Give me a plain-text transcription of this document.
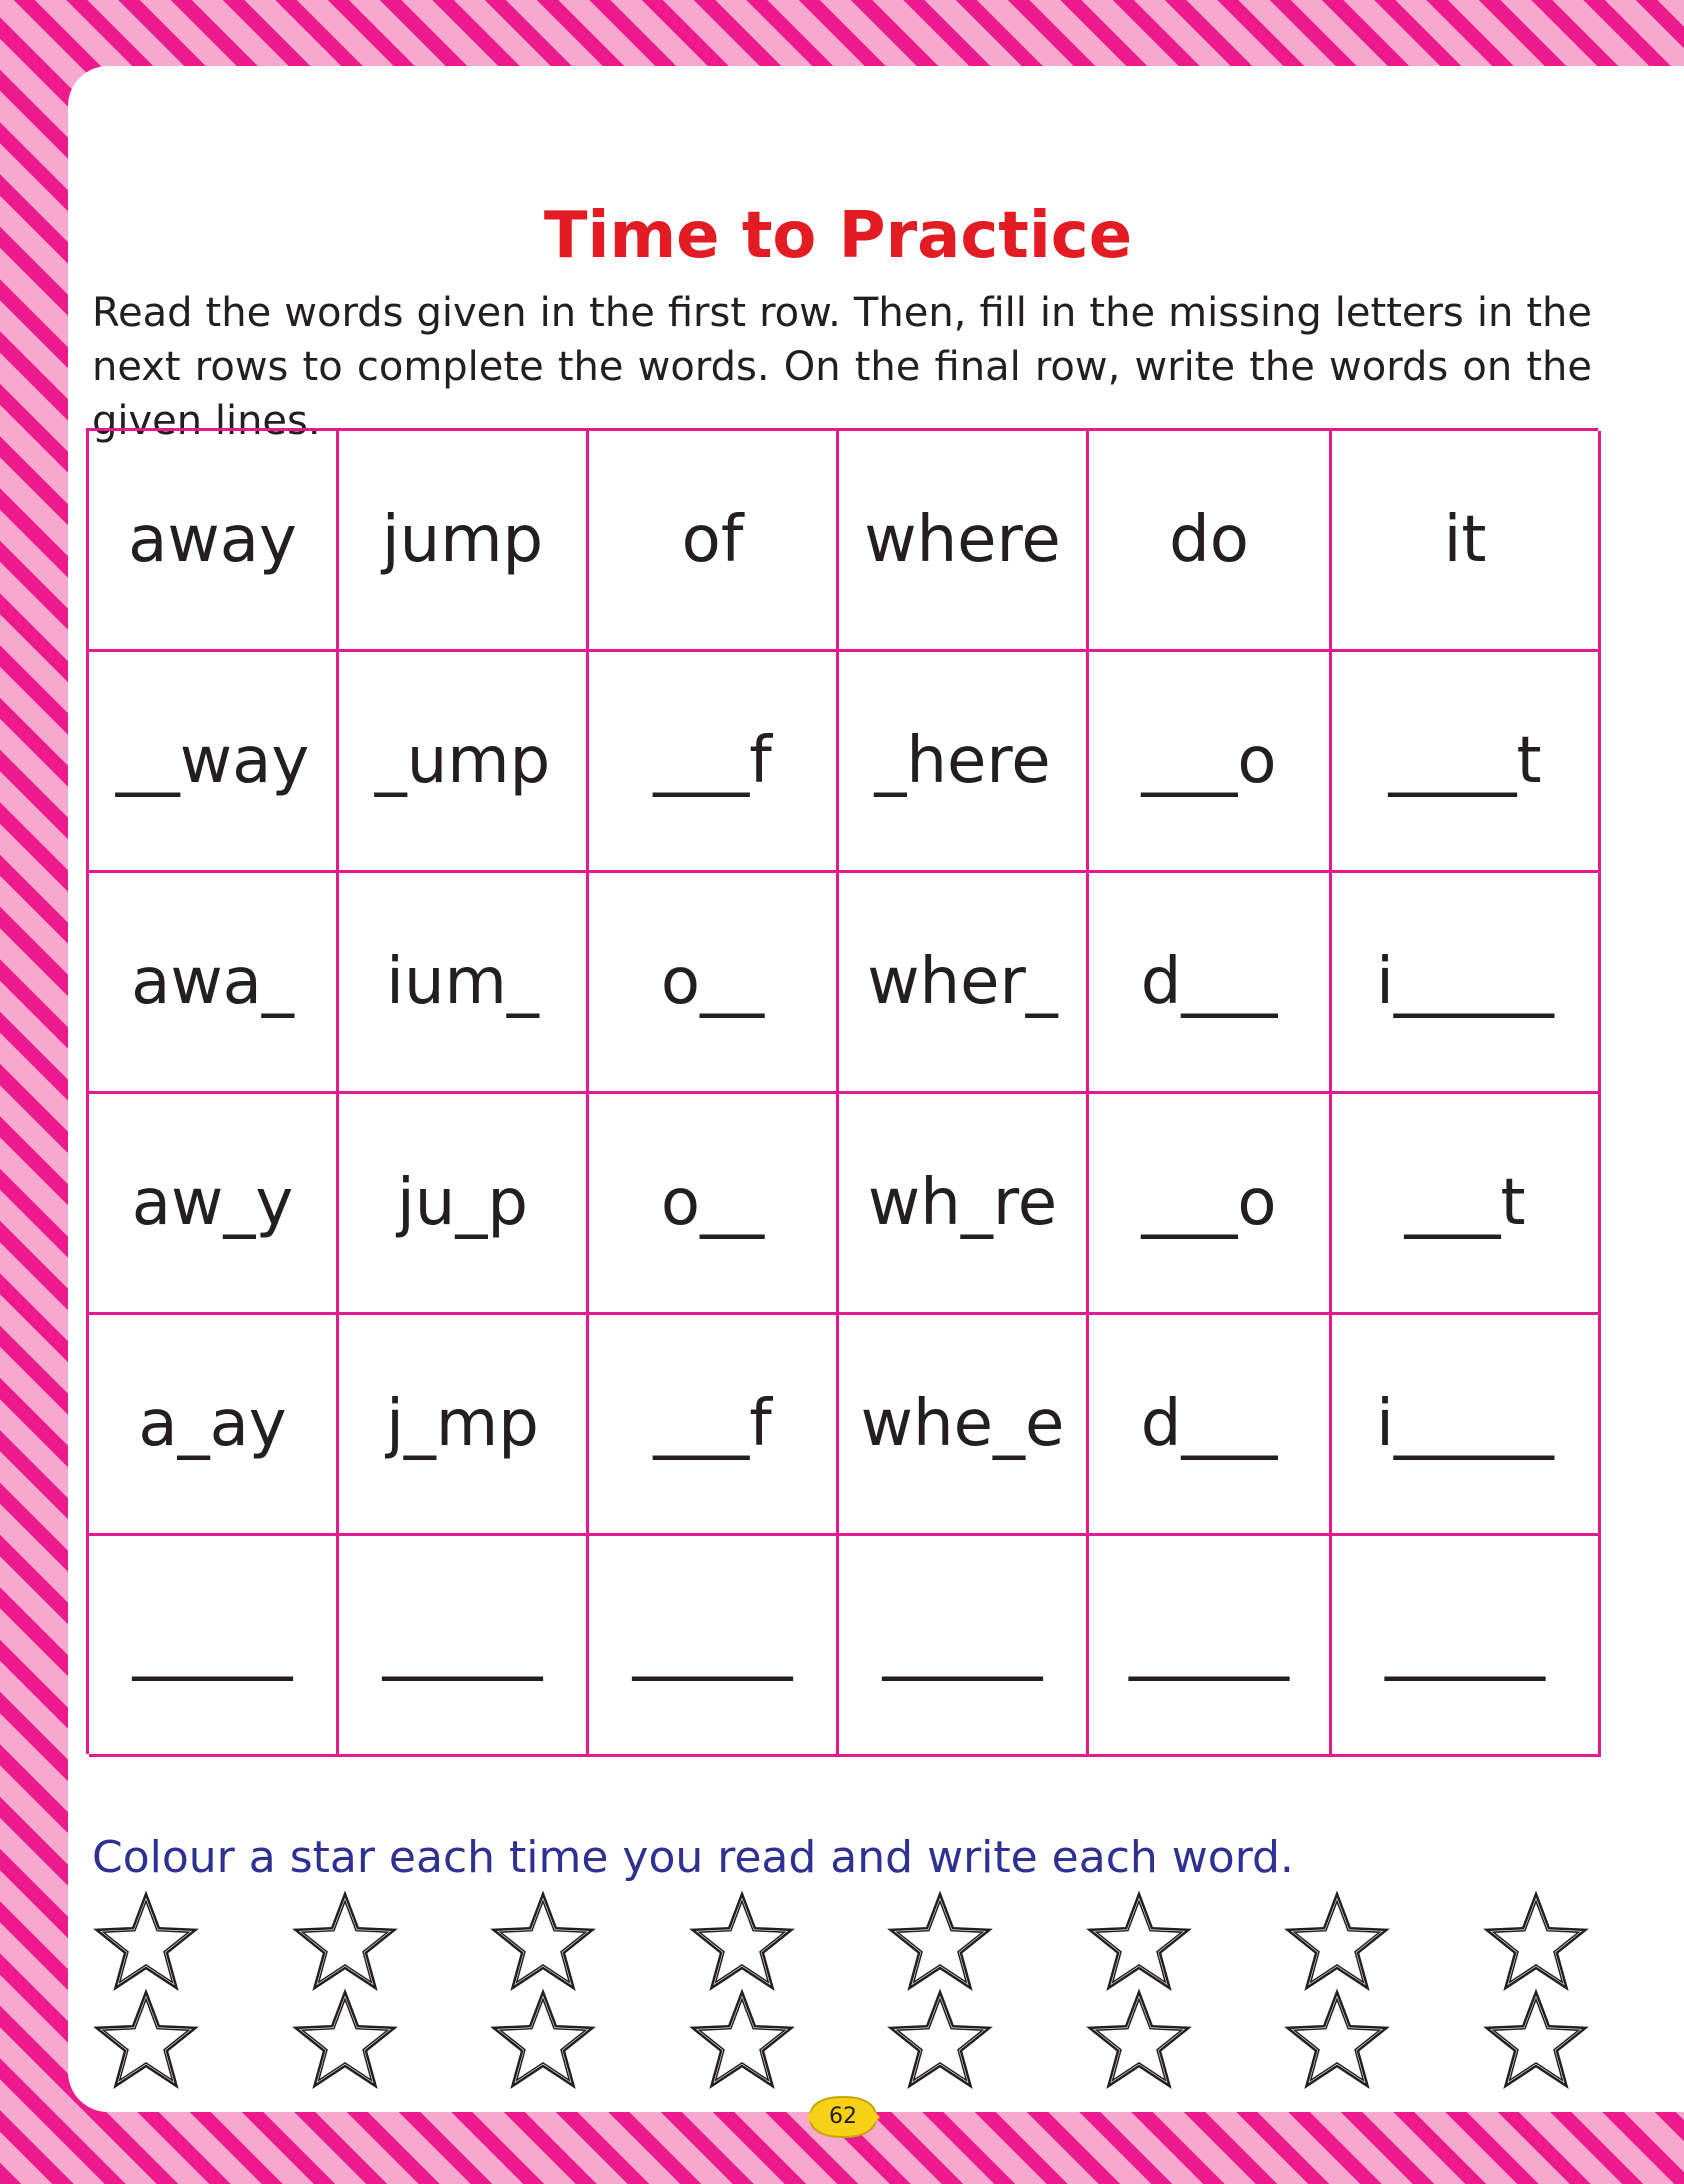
Time to Practice

Read the words given in the first row. Then, fill in the missing letters in the next rows to complete the words. On the final row, write the words on the given lines.

away	jump	of	where	do	it
__way	_ump	___f	_here	___o	____t
awa_	ium_	o__	wher_	d___	i_____
aw_y	ju_p	o__	wh_re	___o	___t
a_ay	j_mp	___f	whe_e	d___	i_____
_____	_____	_____	_____	_____	_____

Colour a star each time you read and write each word.

62
